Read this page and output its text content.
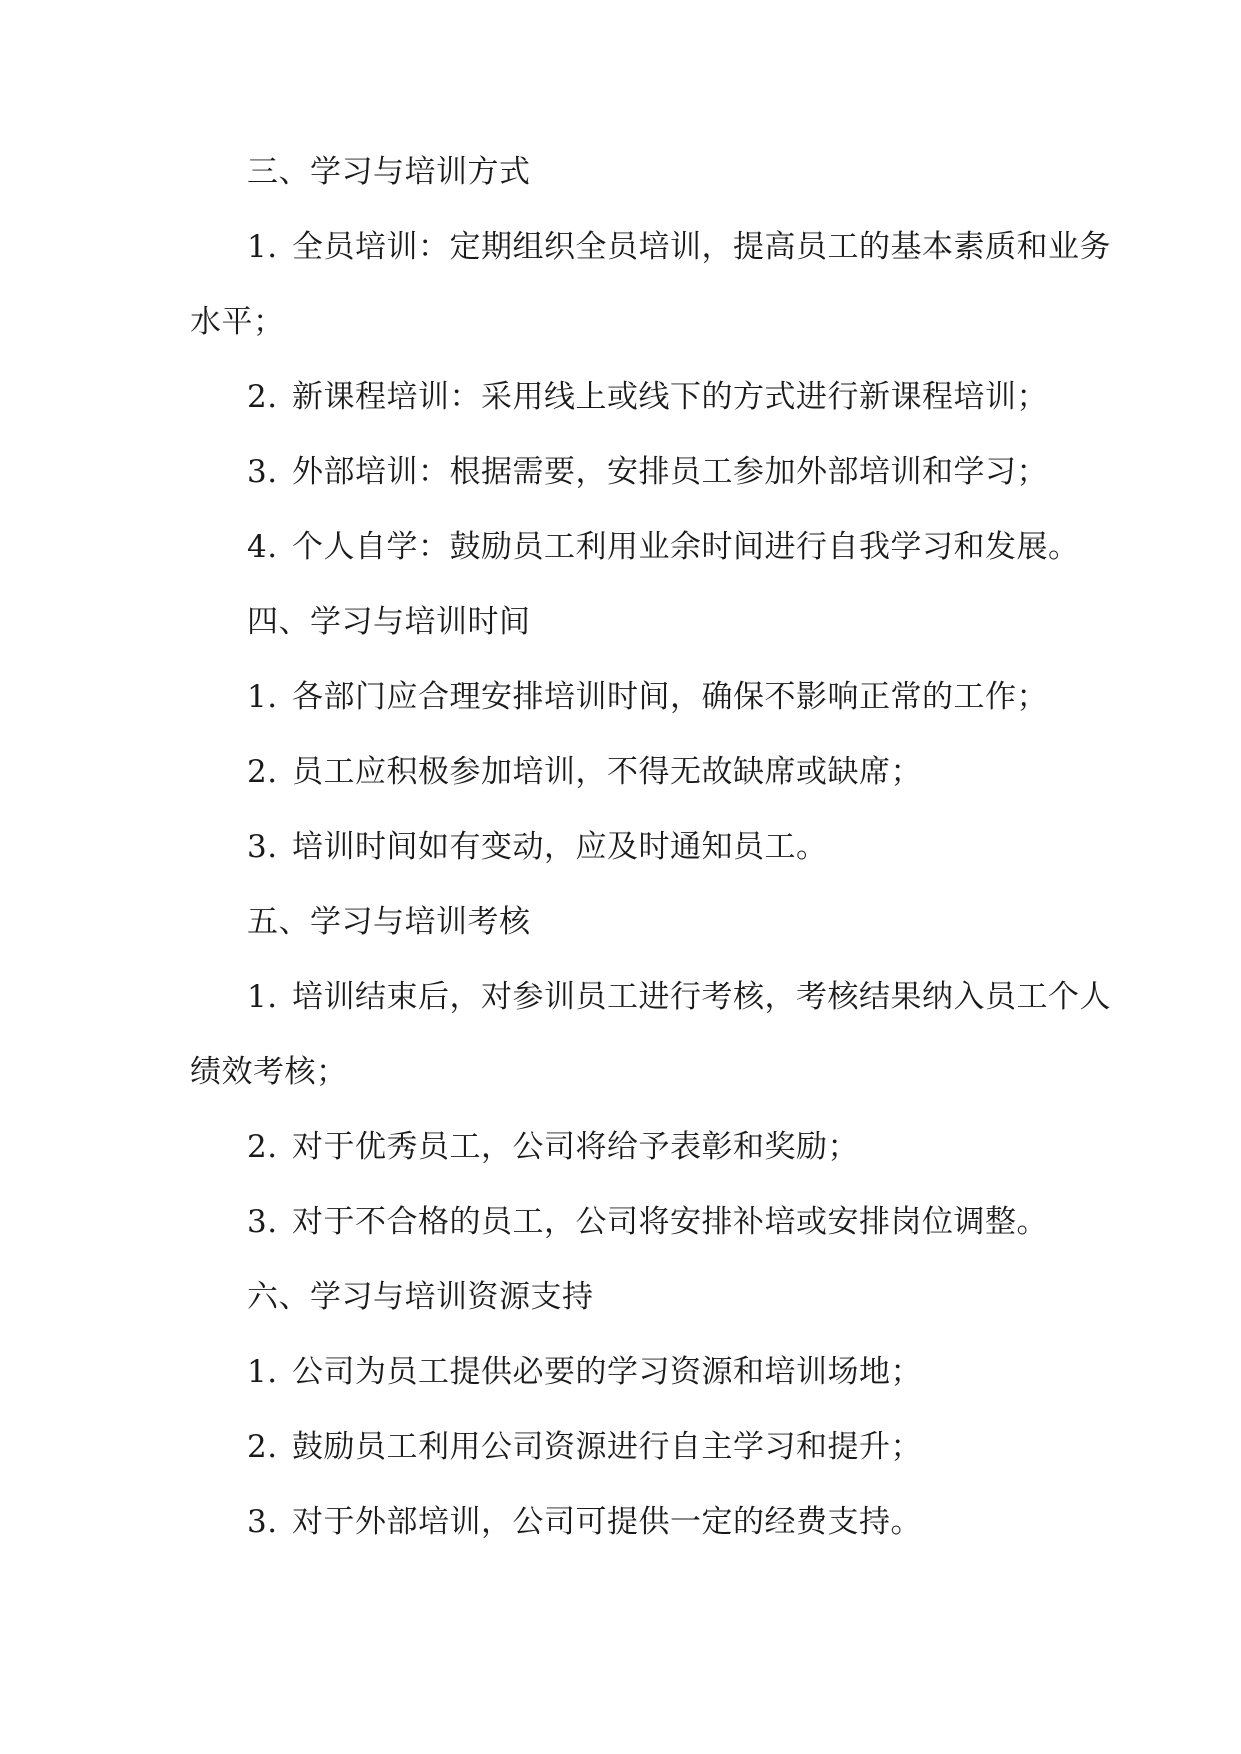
三、学习与培训方式
1. 全员培训：定期组织全员培训，提高员工的基本素质和业务
水平；
2. 新课程培训：采用线上或线下的方式进行新课程培训；
3. 外部培训：根据需要，安排员工参加外部培训和学习；
4. 个人自学：鼓励员工利用业余时间进行自我学习和发展。
四、学习与培训时间
1. 各部门应合理安排培训时间，确保不影响正常的工作；
2. 员工应积极参加培训，不得无故缺席或缺席；
3. 培训时间如有变动，应及时通知员工。
五、学习与培训考核
1. 培训结束后，对参训员工进行考核，考核结果纳入员工个人
绩效考核；
2. 对于优秀员工，公司将给予表彰和奖励；
3. 对于不合格的员工，公司将安排补培或安排岗位调整。
六、学习与培训资源支持
1. 公司为员工提供必要的学习资源和培训场地；
2. 鼓励员工利用公司资源进行自主学习和提升；
3. 对于外部培训，公司可提供一定的经费支持。
